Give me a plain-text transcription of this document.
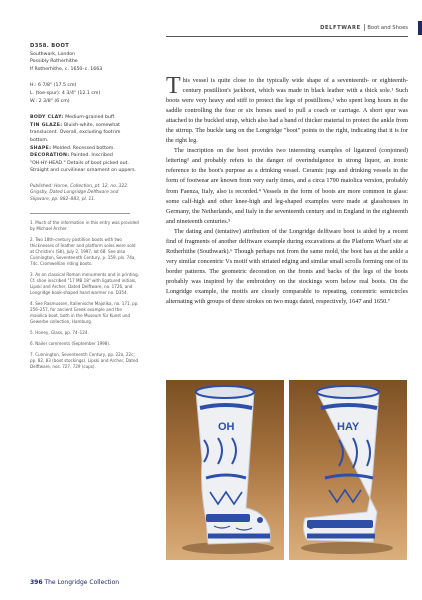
DELFTWARE Boot and Shoes
D358. BOOT
Southwark, London
Possibly Rotherhithe
If Rotherhithe, c. 1650–c. 1663
H.: 6 7/8" (17.5 cm)
L. (toe-spur): 4 3/4" (12.1 cm)
W.: 2 3/8" (6 cm)
BODY CLAY: Medium-grained buff.
TIN GLAZE: Bluish-white, somewhat translucent. Overall, excluding footrim bottom.
SHAPE: Molded. Recessed bottom.
DECORATION: Painted. Inscribed "OH·HY·HEAD." Details of boot picked out. Straight and curvilinear ornament on uppers.
Published: Horne, Collection, pt. 12, no. 322. Grigsby, Dated Longridge Delftware and Slipware, pp. 882–883, pl. 11.
1. Much of the information in this entry was provided by Michael Archer.
2. Two 18th-century postillion boots with two thicknesses of leather and platform soles were sold at Christie's (SK), July 2, 1997, lot 68. See also Cunnington, Seventeenth Century, p. 159, pls. 74a, 74c. Cromwellian riding boots.
3. As on classical Roman monuments and in printing. Cf. shoe inscribed "17 MB 18" with ligatured initials, Lipski and Archer, Dated Delftware, no. 1726, and Longridge book-shaped hand warmer no. D354.
4. See Rasmussen, Italienische Majolika, no. 171, pp. 256–257, for ancient Greek example and the maiolica boot, both in the Museum für Kunst und Gewerbe collection, Hamburg.
5. Honey, Glass, pp. 74–124.
6. Nailer comments (September 1998).
7. Cunnington, Seventeenth Century, pp. 22a, 22c; pp. 82, 83 (boot stockings). Lipski and Archer, Dated Delftware, nos. 727, 729 (cups).

This vessel is quite close to the typically wide shape of a seventeenth- or eighteenth-century postillion's jackboot, which was made in black leather with a thick sole.¹ Such boots were very heavy and stiff to protect the legs of postillions,² who spent long hours in the saddle controlling the four or six horses used to pull a coach or carriage. A short spur was attached to the buckled strap, which also had a band of thicker material to protect the ankle from the stirrup. The buckle tang on the Longridge "boot" points to the right, indicating that it is for the right leg.

The inscription on the boot provides two interesting examples of ligatured (conjoined) lettering³ and probably refers to the danger of overindulgence in strong liquor, an ironic reference to the boot's purpose as a drinking vessel. Ceramic jugs and drinking vessels in the form of footwear are known from very early times, and a circa 1790 maiolica version, probably from Faenza, Italy, also is recorded.⁴ Vessels in the form of boots are more common in glass: some calf-high and other knee-high and leg-shaped examples were made at glasshouses in Germany, the Netherlands, and Italy in the seventeenth century and in England in the eighteenth and nineteenth centuries.⁵

The dating and (tentative) attribution of the Longridge delftware boot is aided by a recent find of fragments of another delftware example during excavations at the Platform Wharf site at Rotherhithe (Southwark).⁶ Though perhaps not from the same mold, the boot has at the ankle a very similar concentric Vs motif with striated edging and similar small scrolls forming one of its border patterns. The geometric decoration on the fronts and backs of the legs of the boots probably was inspired by the embroidery on the stockings worn below real boots. On the Longridge example, the motifs are closely comparable to repeating, concentric semicircles alternating with groups of three strokes on two mugs dated, respectively, 1647 and 1650.⁷

OH	HAY
396 The Longridge Collection
